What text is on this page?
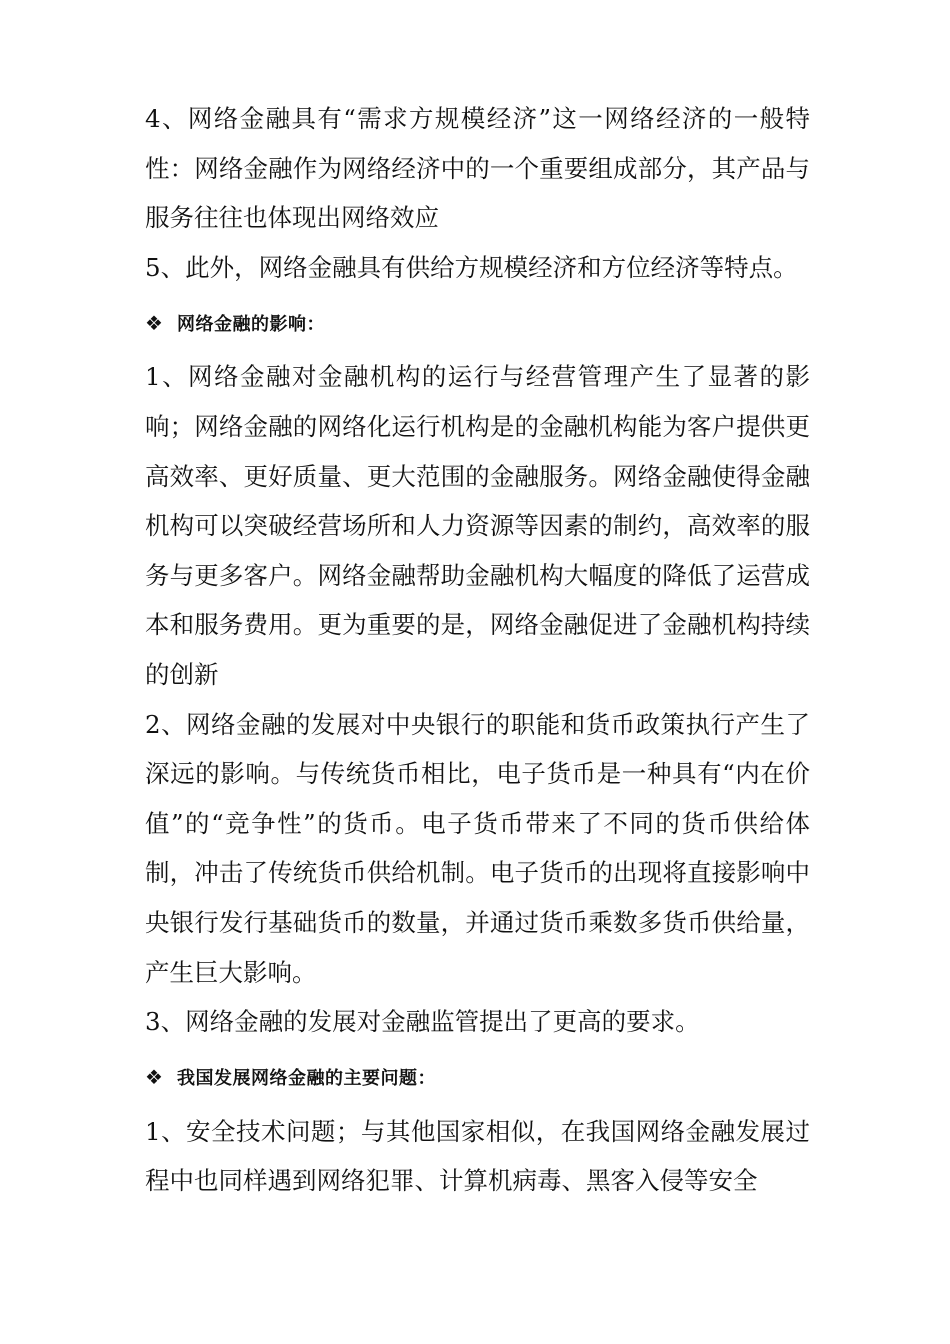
4、网络金融具有“需求方规模经济”这一网络经济的一般特性：网络金融作为网络经济中的一个重要组成部分，其产品与服务往往也体现出网络效应

5、此外，网络金融具有供给方规模经济和方位经济等特点。

❖ 网络金融的影响：

1、网络金融对金融机构的运行与经营管理产生了显著的影响；网络金融的网络化运行机构是的金融机构能为客户提供更高效率、更好质量、更大范围的金融服务。网络金融使得金融机构可以突破经营场所和人力资源等因素的制约，高效率的服务与更多客户。网络金融帮助金融机构大幅度的降低了运营成本和服务费用。更为重要的是，网络金融促进了金融机构持续的创新

2、网络金融的发展对中央银行的职能和货币政策执行产生了深远的影响。与传统货币相比，电子货币是一种具有“内在价值”的“竞争性”的货币。电子货币带来了不同的货币供给体制，冲击了传统货币供给机制。电子货币的出现将直接影响中央银行发行基础货币的数量，并通过货币乘数多货币供给量，产生巨大影响。

3、网络金融的发展对金融监管提出了更高的要求。

❖ 我国发展网络金融的主要问题：

1、安全技术问题；与其他国家相似，在我国网络金融发展过程中也同样遇到网络犯罪、计算机病毒、黑客入侵等安全
